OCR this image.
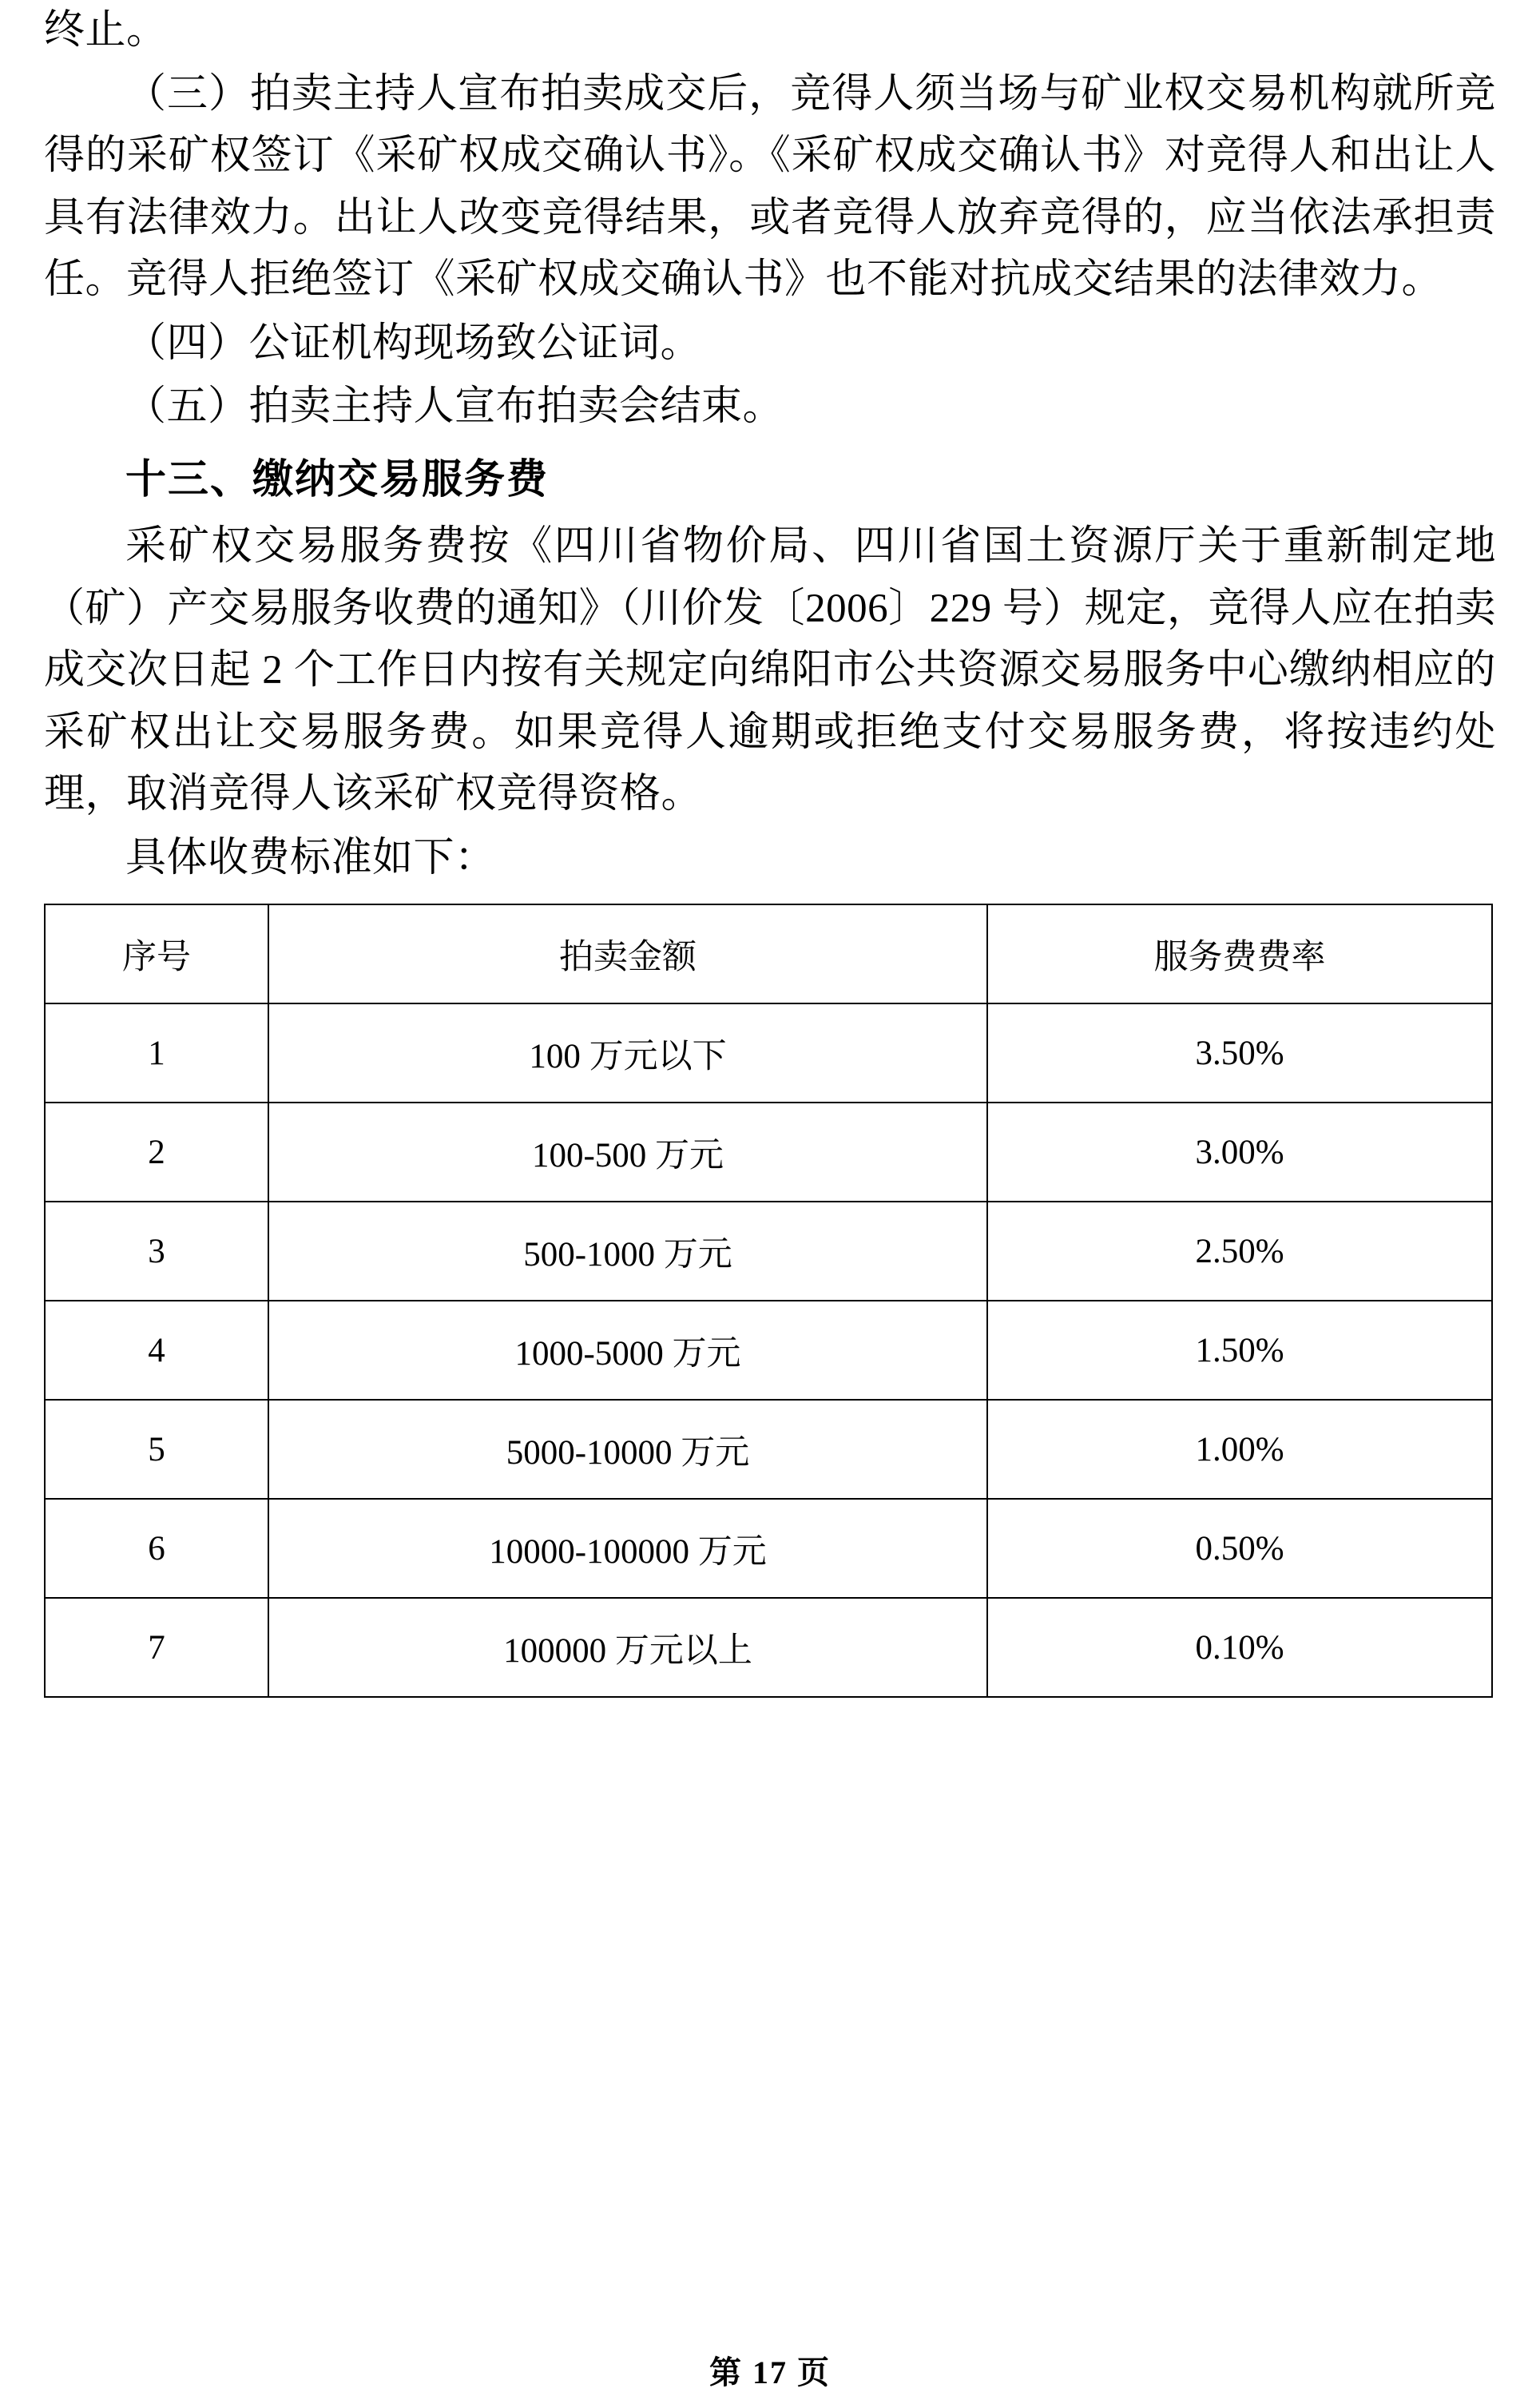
终止。

（三）拍卖主持人宣布拍卖成交后，竞得人须当场与矿业权交易机构就所竞得的采矿权签订《采矿权成交确认书》。《采矿权成交确认书》对竞得人和出让人具有法律效力。出让人改变竞得结果，或者竞得人放弃竞得的，应当依法承担责任。竞得人拒绝签订《采矿权成交确认书》也不能对抗成交结果的法律效力。

（四）公证机构现场致公证词。

（五）拍卖主持人宣布拍卖会结束。

十三、缴纳交易服务费

采矿权交易服务费按《四川省物价局、四川省国土资源厅关于重新制定地（矿）产交易服务收费的通知》（川价发〔2006〕229 号）规定，竞得人应在拍卖成交次日起 2 个工作日内按有关规定向绵阳市公共资源交易服务中心缴纳相应的采矿权出让交易服务费。如果竞得人逾期或拒绝支付交易服务费，将按违约处理，取消竞得人该采矿权竞得资格。

具体收费标准如下：

序号	拍卖金额	服务费费率
1	100 万元以下	3.50%
2	100-500 万元	3.00%
3	500-1000 万元	2.50%
4	1000-5000 万元	1.50%
5	5000-10000 万元	1.00%
6	10000-100000 万元	0.50%
7	100000 万元以上	0.10%
第 17 页
